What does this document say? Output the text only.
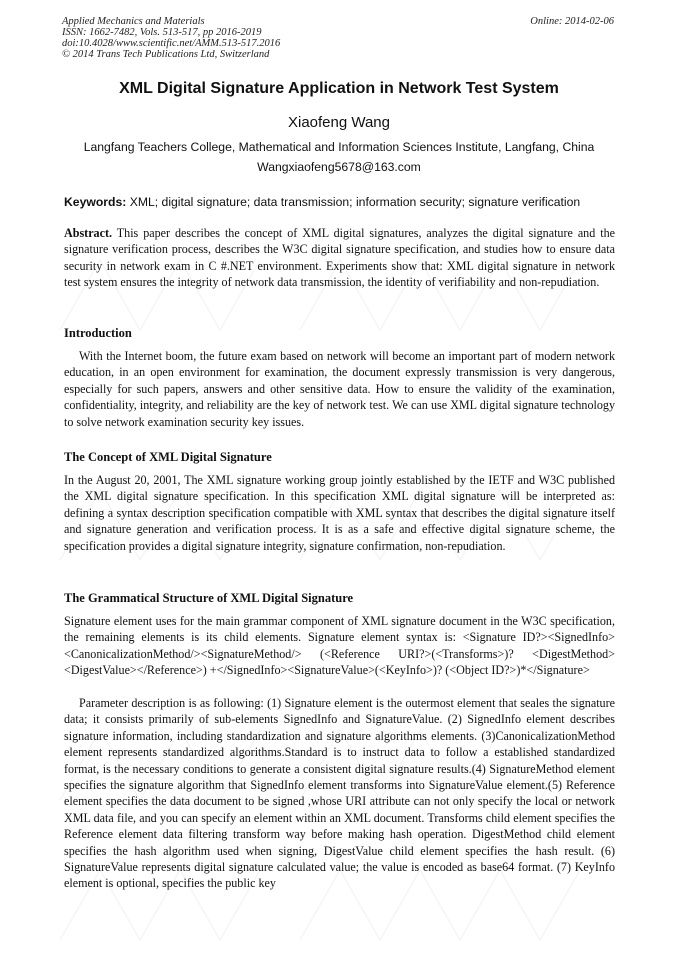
Applied Mechanics and Materials
ISSN: 1662-7482, Vols. 513-517, pp 2016-2019
doi:10.4028/www.scientific.net/AMM.513-517.2016
© 2014 Trans Tech Publications Ltd, Switzerland
Online: 2014-02-06
XML Digital Signature Application in Network Test System
Xiaofeng Wang
Langfang Teachers College, Mathematical and Information Sciences Institute, Langfang, China
Wangxiaofeng5678@163.com
Keywords: XML; digital signature; data transmission; information security; signature verification
Abstract. This paper describes the concept of XML digital signatures, analyzes the digital signature and the signature verification process, describes the W3C digital signature specification, and studies how to ensure data security in network exam in C #.NET environment. Experiments show that: XML digital signature in network test system ensures the integrity of network data transmission, the identity of verifiability and non-repudiation.
Introduction
With the Internet boom, the future exam based on network will become an important part of modern network education, in an open environment for examination, the document expressly transmission is very dangerous, especially for such papers, answers and other sensitive data. How to ensure the validity of the examination, confidentiality, integrity, and reliability are the key of network test. We can use XML digital signature technology to solve network examination security key issues.
The Concept of XML Digital Signature
In the August 20, 2001, The XML signature working group jointly established by the IETF and W3C published the XML digital signature specification. In this specification XML digital signature will be interpreted as: defining a syntax description specification compatible with XML syntax that describes the digital signature itself and signature generation and verification process. It is as a safe and effective digital signature scheme, the specification provides a digital signature integrity, signature confirmation, non-repudiation.
The Grammatical Structure of XML Digital Signature
Signature element uses for the main grammar component of XML signature document in the W3C specification, the remaining elements is its child elements. Signature element syntax is: <Signature ID?><SignedInfo><CanonicalizationMethod/><SignatureMethod/> (<Reference URI?>(<Transforms>)? <DigestMethod><DigestValue></Reference>) +</SignedInfo><SignatureValue>(<KeyInfo>)? (<Object ID?>)*</Signature>
Parameter description is as following: (1) Signature element is the outermost element that seales the signature data; it consists primarily of sub-elements SignedInfo and SignatureValue. (2) SignedInfo element describes signature information, including standardization and signature algorithms elements. (3)CanonicalizationMethod element represents standardized algorithms.Standard is to instruct data to follow a established standardized format, is the necessary conditions to generate a consistent digital signature results.(4) SignatureMethod element specifies the signature algorithm that SignedInfo element transforms into SignatureValue element.(5) Reference element specifies the data document to be signed ,whose URI attribute can not only specify the local or network XML data file, and you can specify an element within an XML document. Transforms child element specifies the Reference element data filtering transform way before making hash operation. DigestMethod child element specifies the hash algorithm used when signing, DigestValue child element specifies the hash result. (6) SignatureValue represents digital signature calculated value; the value is encoded as base64 format. (7) KeyInfo element is optional, specifies the public key
